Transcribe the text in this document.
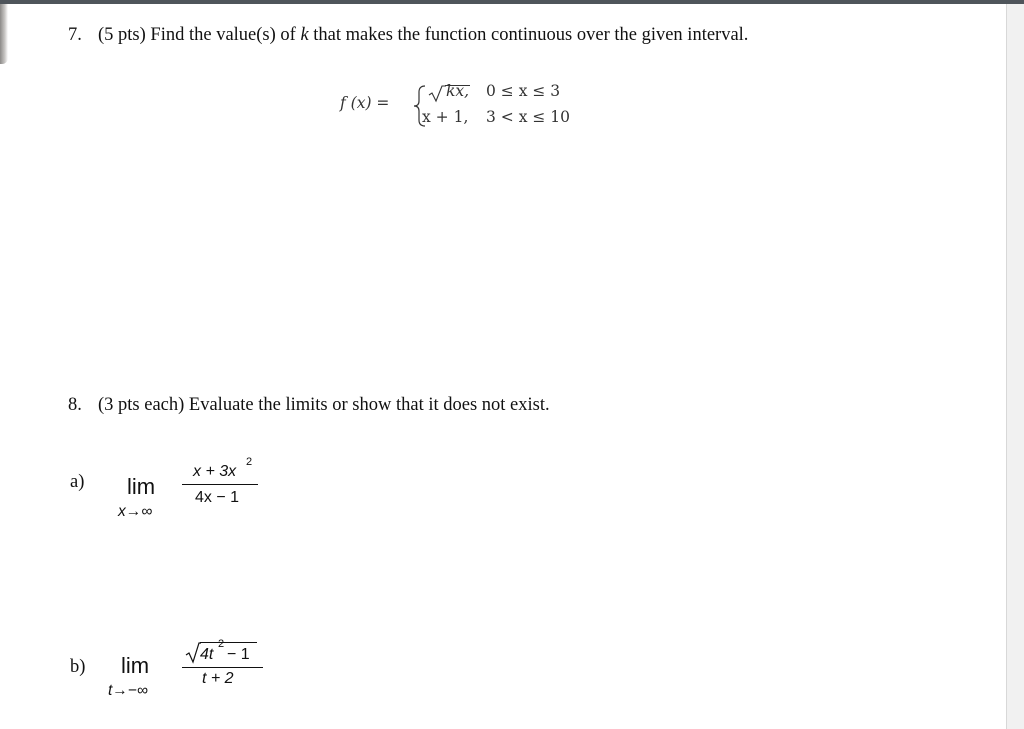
7. (5 pts) Find the value(s) of k that makes the function continuous over the given interval.
f (x) =
kx, 0 ≤ x ≤ 3
x + 1, 3 < x ≤ 10
8. (3 pts each) Evaluate the limits or show that it does not exist.
a) lim
x→∞
x + 3x
2
4x − 1
b) lim
t→−∞
4t
2
− 1
t + 2
